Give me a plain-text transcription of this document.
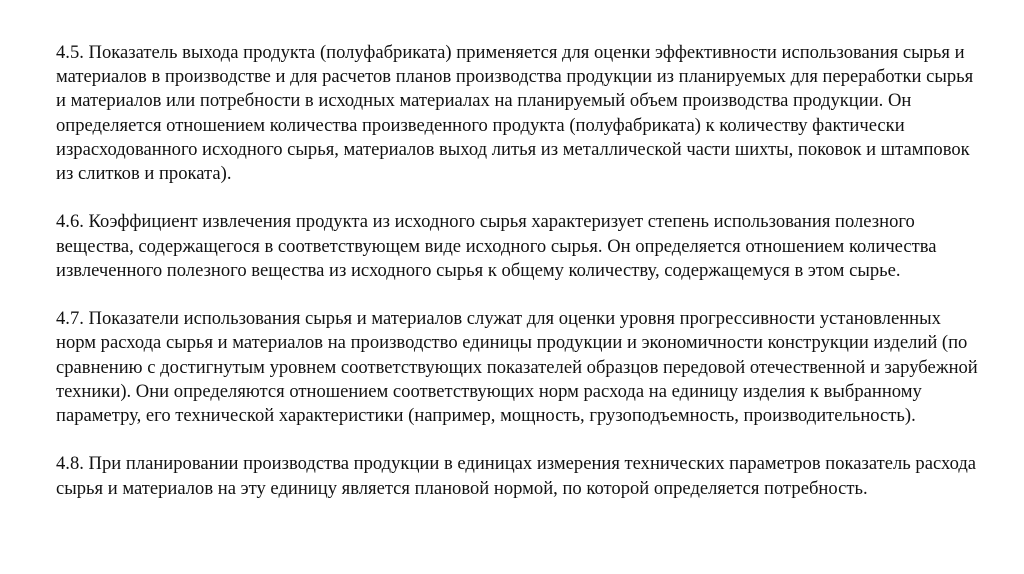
4.5. Показатель выхода продукта (полуфабриката) применяется для оценки эффективности использования сырья и материалов в производстве и для расчетов планов производства продукции из планируемых для переработки сырья и материалов или потребности в исходных материалах на планируемый объем производства продукции. Он определяется отношением количества произведенного продукта (полуфабриката) к количеству фактически израсходованного исходного сырья, материалов выход литья из металлической части шихты, поковок и штамповок из слитков и проката).

4.6. Коэффициент извлечения продукта из исходного сырья характеризует степень использования полезного вещества, содержащегося в соответствующем виде исходного сырья. Он определяется отношением количества извлеченного полезного вещества из исходного сырья к общему количеству, содержащемуся в этом сырье.

4.7. Показатели использования сырья и материалов служат для оценки уровня прогрессивности установленных норм расхода сырья и материалов на производство единицы продукции и экономичности конструкции изделий (по сравнению с достигнутым уровнем соответствующих показателей образцов передовой отечественной и зарубежной техники). Они определяются отношением соответствующих норм расхода на единицу изделия к выбранному параметру, его технической характеристики (например, мощность, грузоподъемность, производительность).

4.8. При планировании производства продукции в единицах измерения технических параметров показатель расхода сырья и материалов на эту единицу является плановой нормой, по которой определяется потребность.
